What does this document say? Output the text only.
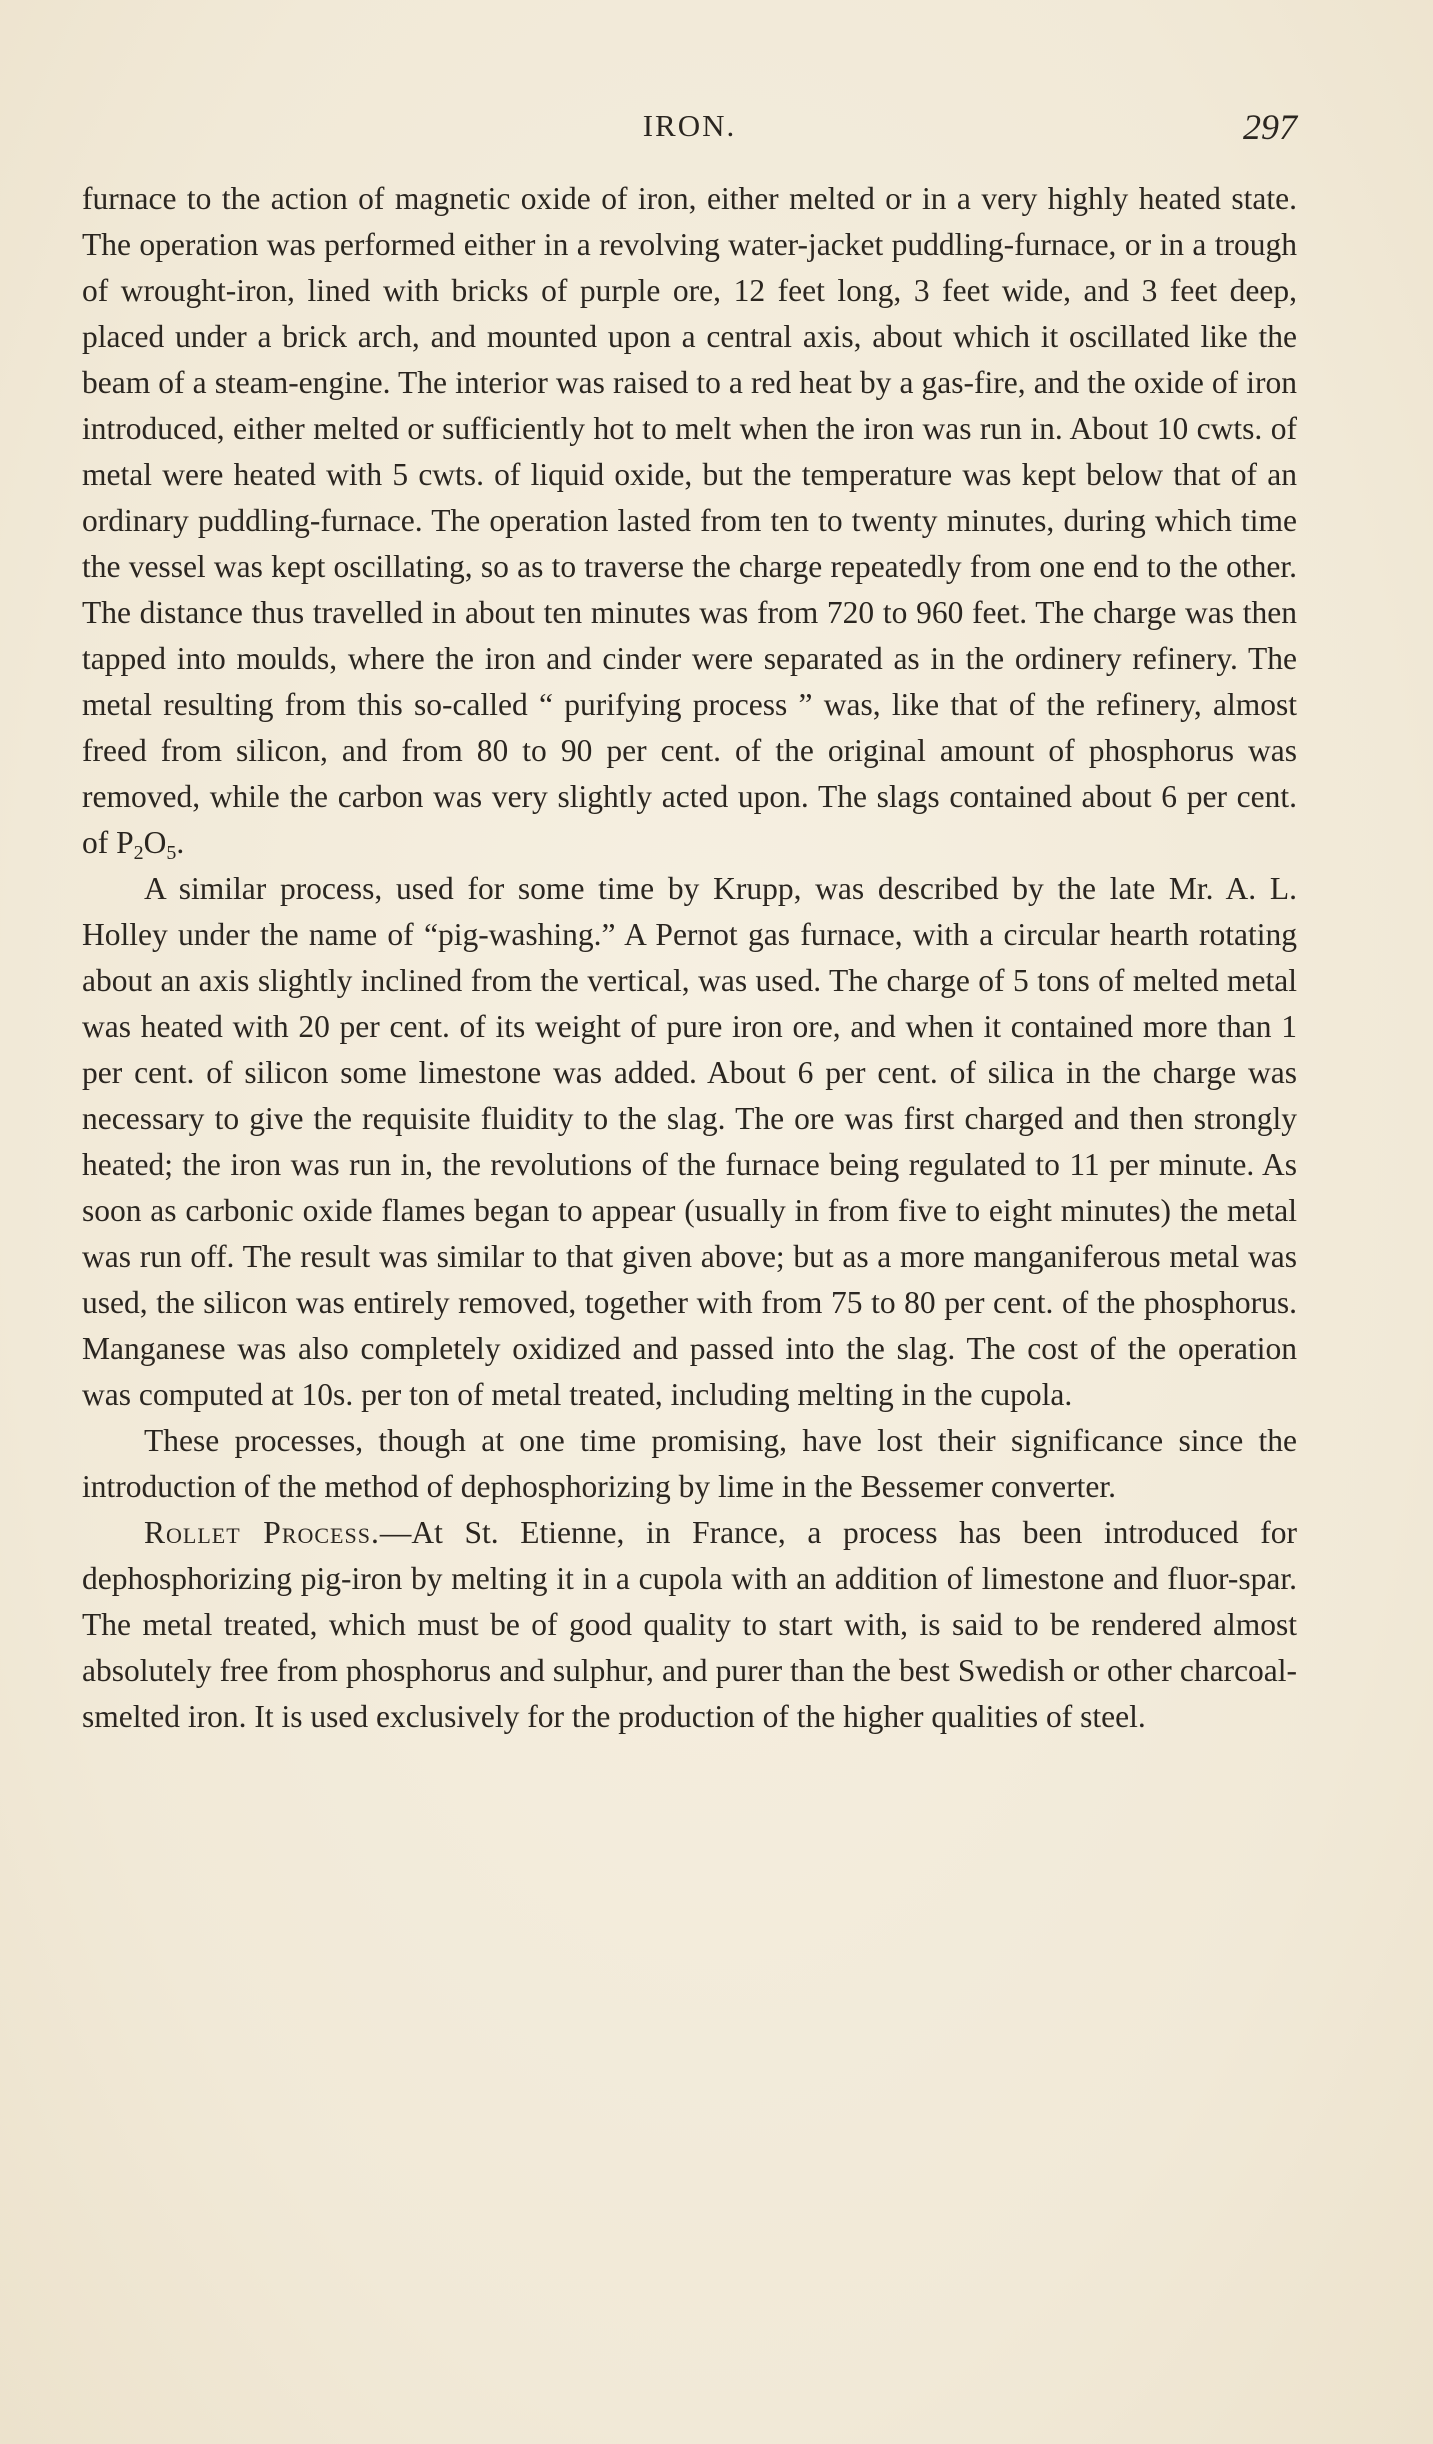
IRON.	297

furnace to the action of magnetic oxide of iron, either melted or in a very highly heated state. The operation was performed either in a revolving water-jacket puddling-furnace, or in a trough of wrought-iron, lined with bricks of purple ore, 12 feet long, 3 feet wide, and 3 feet deep, placed under a brick arch, and mounted upon a central axis, about which it oscillated like the beam of a steam-engine. The interior was raised to a red heat by a gas-fire, and the oxide of iron introduced, either melted or sufficiently hot to melt when the iron was run in. About 10 cwts. of metal were heated with 5 cwts. of liquid oxide, but the temperature was kept below that of an ordinary puddling-furnace. The operation lasted from ten to twenty minutes, during which time the vessel was kept oscillating, so as to traverse the charge repeatedly from one end to the other. The distance thus travelled in about ten minutes was from 720 to 960 feet. The charge was then tapped into moulds, where the iron and cinder were separated as in the ordinery refinery. The metal resulting from this so-called “ purifying process ” was, like that of the refinery, almost freed from silicon, and from 80 to 90 per cent. of the original amount of phosphorus was removed, while the carbon was very slightly acted upon. The slags contained about 6 per cent. of $P_2O_5$.

A similar process, used for some time by Krupp, was described by the late Mr. A. L. Holley under the name of “pig-washing.” A Pernot gas furnace, with a circular hearth rotating about an axis slightly inclined from the vertical, was used. The charge of 5 tons of melted metal was heated with 20 per cent. of its weight of pure iron ore, and when it contained more than 1 per cent. of silicon some limestone was added. About 6 per cent. of silica in the charge was necessary to give the requisite fluidity to the slag. The ore was first charged and then strongly heated; the iron was run in, the revolutions of the furnace being regulated to 11 per minute. As soon as carbonic oxide flames began to appear (usually in from five to eight minutes) the metal was run off. The result was similar to that given above; but as a more manganiferous metal was used, the silicon was entirely removed, together with from 75 to 80 per cent. of the phosphorus. Manganese was also completely oxidized and passed into the slag. The cost of the operation was computed at 10s. per ton of metal treated, including melting in the cupola.

These processes, though at one time promising, have lost their significance since the introduction of the method of dephosphorizing by lime in the Bessemer converter.

Rollet Process.—At St. Etienne, in France, a process has been introduced for dephosphorizing pig-iron by melting it in a cupola with an addition of limestone and fluor-spar. The metal treated, which must be of good quality to start with, is said to be rendered almost absolutely free from phosphorus and sulphur, and purer than the best Swedish or other charcoal-smelted iron. It is used exclusively for the production of the higher qualities of steel.
